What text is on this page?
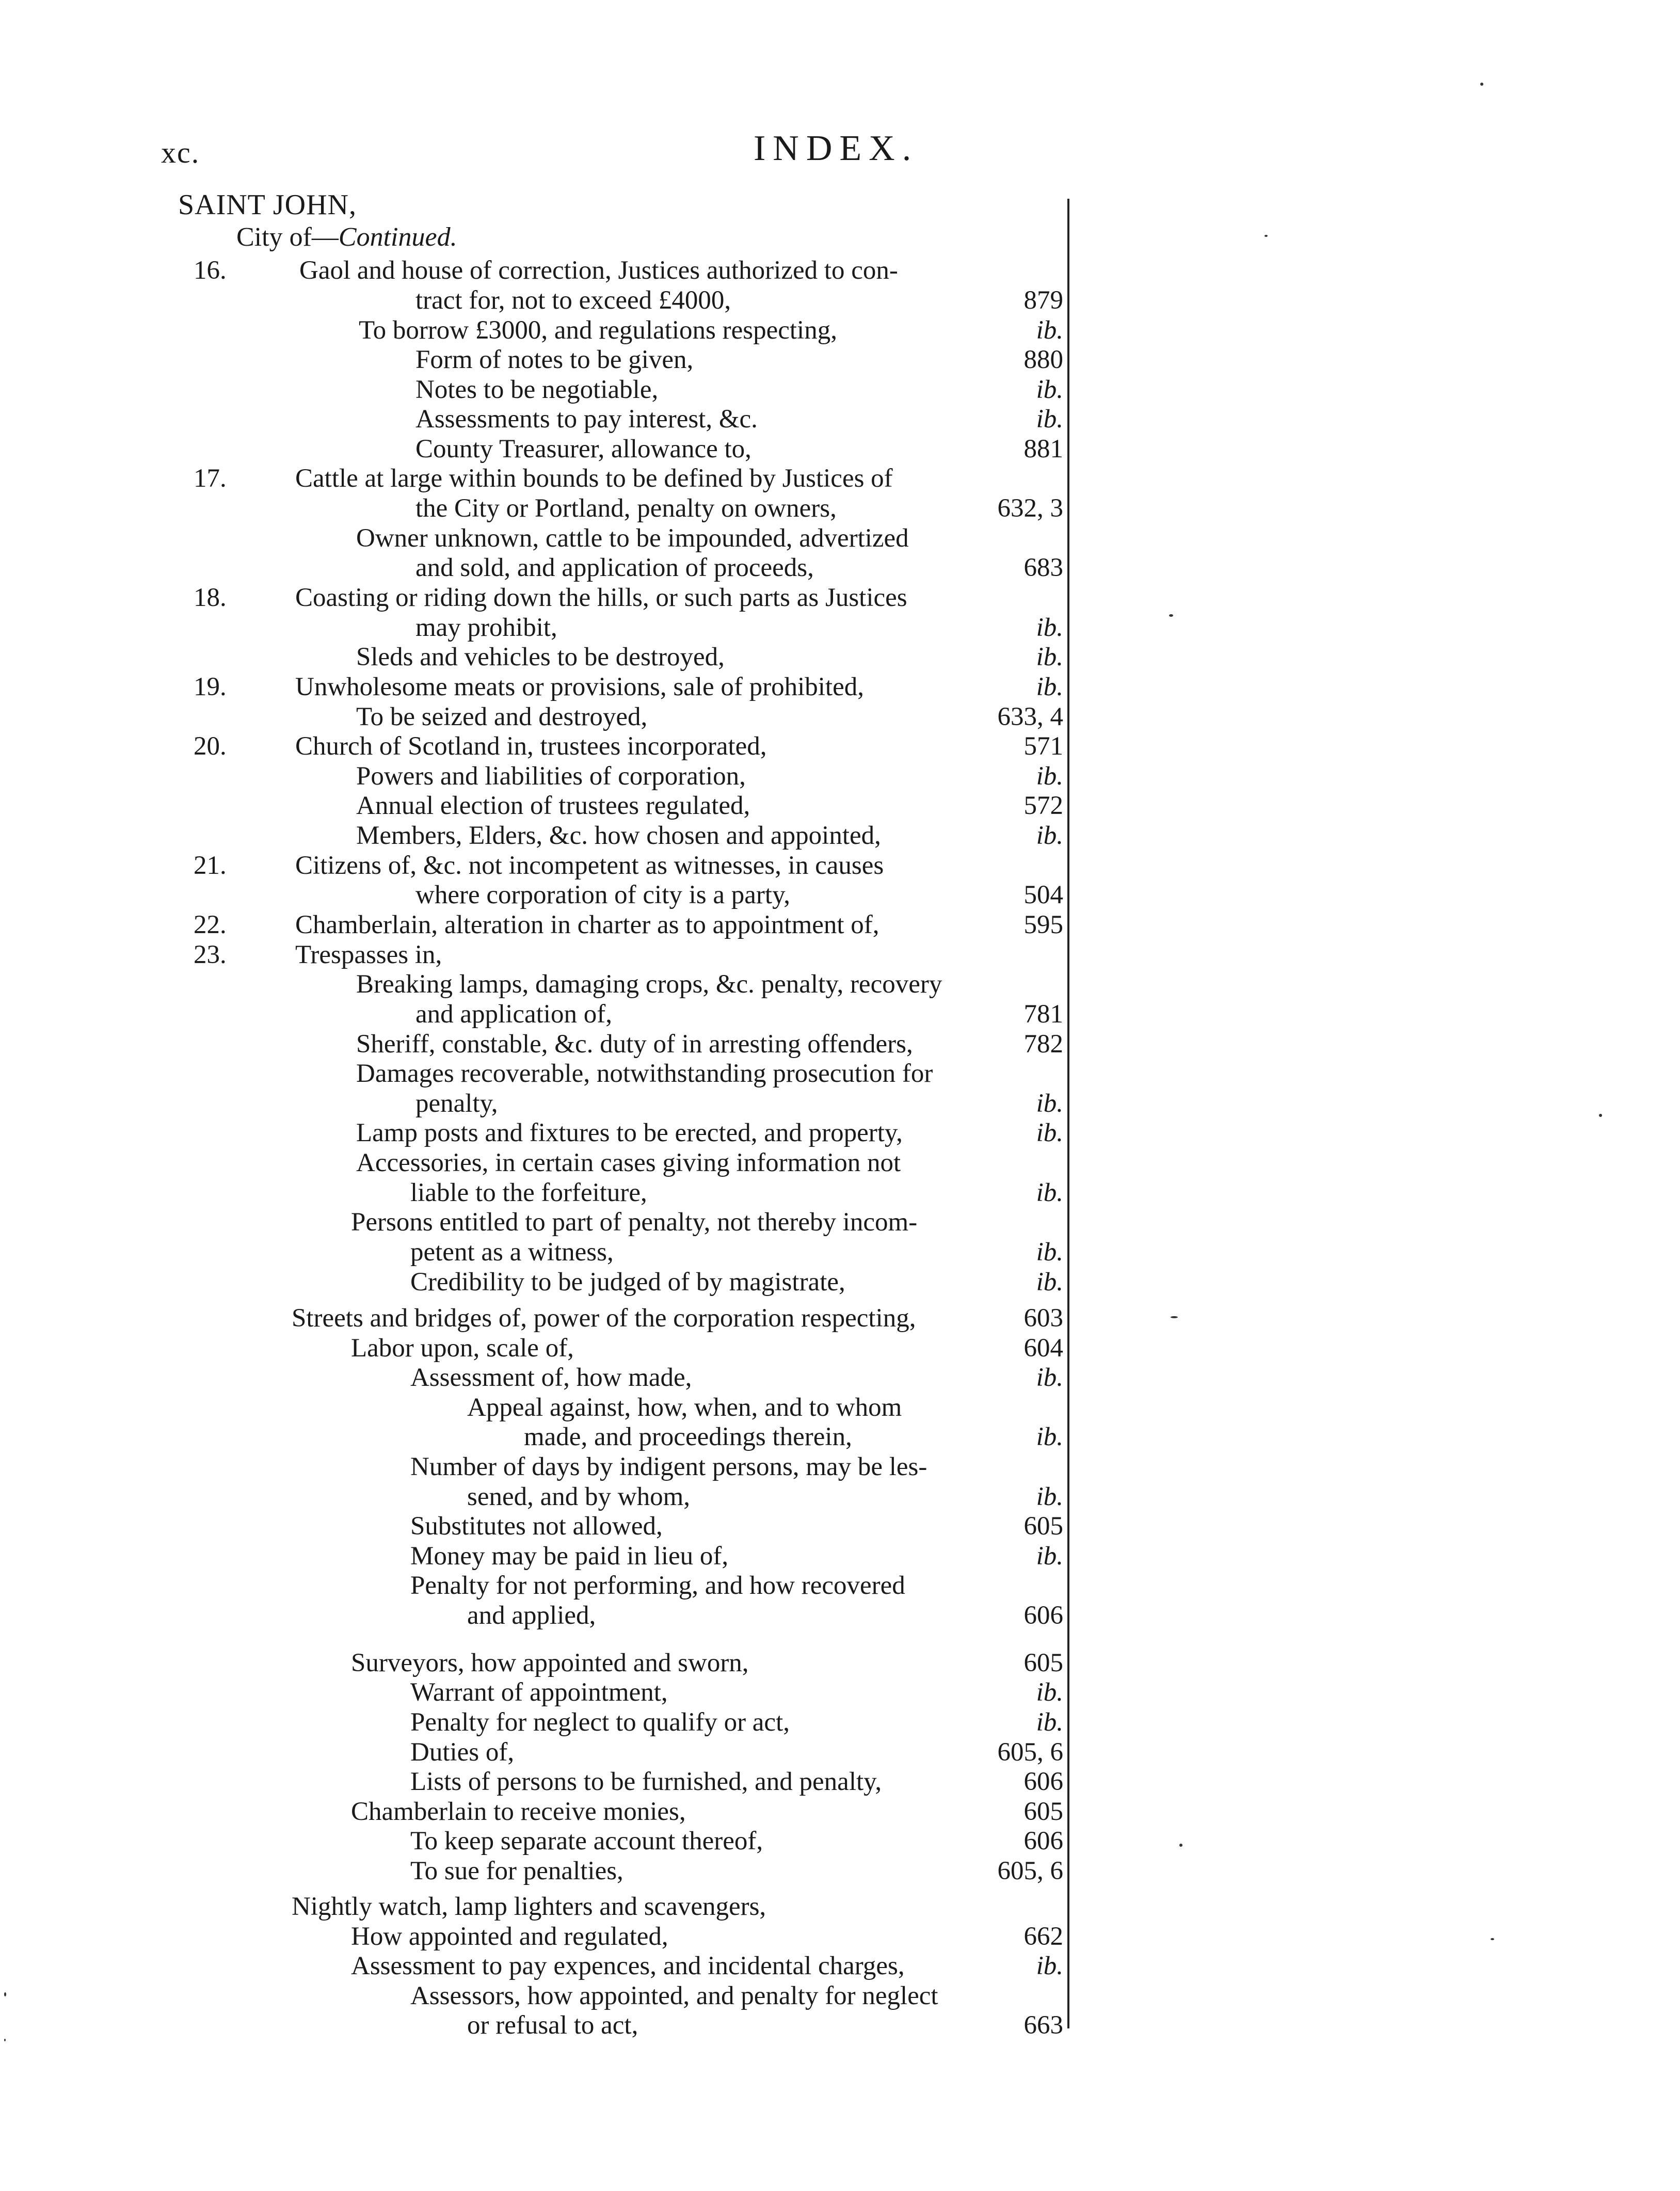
xc.	INDEX.
SAINT JOHN,
City of—Continued.
16.	Gaol and house of correction, Justices authorized to con-
tract for, not to exceed £4000,	879
To borrow £3000, and regulations respecting,	ib.
Form of notes to be given,	880
Notes to be negotiable,	ib.
Assessments to pay interest, &c.	ib.
County Treasurer, allowance to,	881
17.	Cattle at large within bounds to be defined by Justices of
the City or Portland, penalty on owners,	632, 3
Owner unknown, cattle to be impounded, advertized
and sold, and application of proceeds,	683
18.	Coasting or riding down the hills, or such parts as Justices
may prohibit,	ib.
Sleds and vehicles to be destroyed,	ib.
19.	Unwholesome meats or provisions, sale of prohibited,	ib.
To be seized and destroyed,	633, 4
20.	Church of Scotland in, trustees incorporated,	571
Powers and liabilities of corporation,	ib.
Annual election of trustees regulated,	572
Members, Elders, &c. how chosen and appointed,	ib.
21.	Citizens of, &c. not incompetent as witnesses, in causes
where corporation of city is a party,	504
22.	Chamberlain, alteration in charter as to appointment of,	595
23.	Trespasses in,
Breaking lamps, damaging crops, &c. penalty, recovery
and application of,	781
Sheriff, constable, &c. duty of in arresting offenders,	782
Damages recoverable, notwithstanding prosecution for
penalty,	ib.
Lamp posts and fixtures to be erected, and property,	ib.
Accessories, in certain cases giving information not
liable to the forfeiture,	ib.
Persons entitled to part of penalty, not thereby incom-
petent as a witness,	ib.
Credibility to be judged of by magistrate,	ib.
Streets and bridges of, power of the corporation respecting,	603
Labor upon, scale of,	604
Assessment of, how made,	ib.
Appeal against, how, when, and to whom
made, and proceedings therein,	ib.
Number of days by indigent persons, may be les-
sened, and by whom,	ib.
Substitutes not allowed,	605
Money may be paid in lieu of,	ib.
Penalty for not performing, and how recovered
and applied,	606
Surveyors, how appointed and sworn,	605
Warrant of appointment,	ib.
Penalty for neglect to qualify or act,	ib.
Duties of,	605, 6
Lists of persons to be furnished, and penalty,	606
Chamberlain to receive monies,	605
To keep separate account thereof,	606
To sue for penalties,	605, 6
Nightly watch, lamp lighters and scavengers,
How appointed and regulated,	662
Assessment to pay expences, and incidental charges,	ib.
Assessors, how appointed, and penalty for neglect
or refusal to act,	663
